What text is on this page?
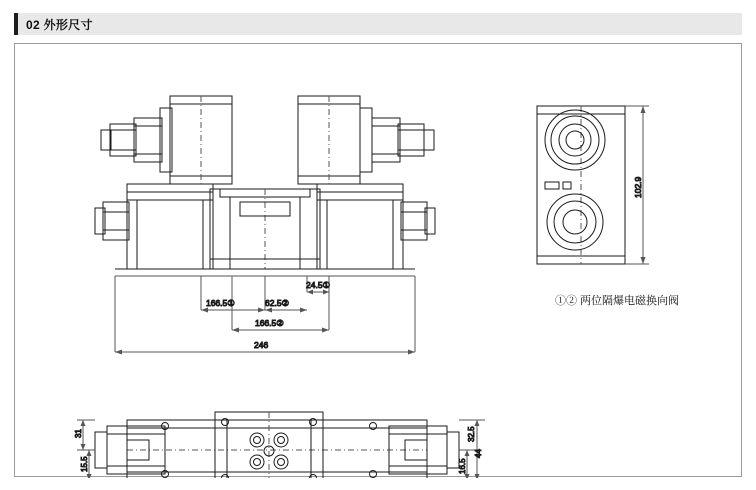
02 外形尺寸
166.5①	62.5②
24.5①
166.5②
246
102.9
31
15.5	16.5
44
32.5
①② 两位隔爆电磁换向阀
